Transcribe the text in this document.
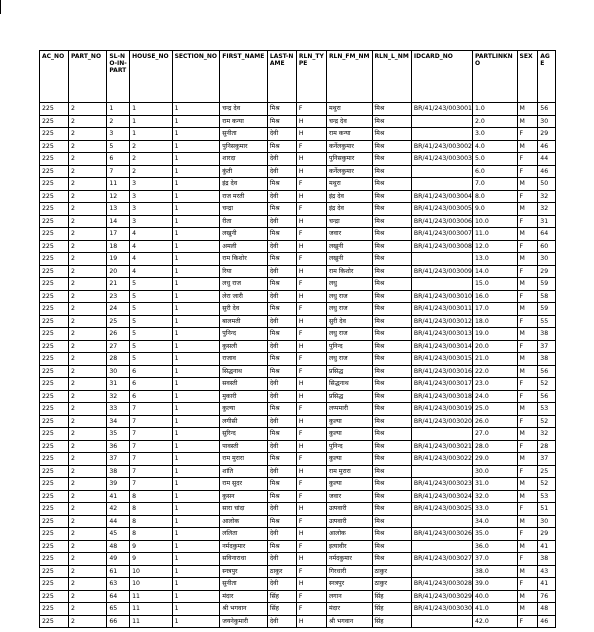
AC_NO	PART_NO	SL-NO-IN-PART	HOUSE_NO	SECTION_NO	FIRST_NAME	LAST-NAME	RLN_TYPE	RLN_FM_NM	RLN_L_NM	IDCARD_NO	PARTLINKNO	SEX	AGE
225	2	1	1	1	चन्द्र देव	मिश्र	F	मथुरा	मिश्र	BR/41/243/003001	1.0	M	56
225	2	2	1	1	राम कन्या	मिश्र	H	चन्द्र देव	मिश्र		2.0	M	30
225	2	3	1	1	सुनीता	देवी	H	राम कन्या	मिश्र		3.0	F	29
225	2	5	2	1	पुनिसकुमार	मिश्र	F	कर्नेलकुमार	मिश्र	BR/41/243/003002	4.0	M	46
225	2	6	2	1	शारदा	देवी	H	पुनिसकुमार	मिश्र	BR/41/243/003003	5.0	F	44
225	2	7	2	1	कुंती	देवी	H	कर्नेलकुमार	मिश्र		6.0	F	46
225	2	11	3	1	इंद्र देव	मिश्र	F	मथुरा	मिश्र		7.0	M	50
225	2	12	3	1	राज मरती	देवी	H	इंद्र देव	मिश्र	BR/41/243/003004	8.0	F	32
225	2	13	3	1	चन्द्रा	मिश्र	F	इंद्र देव	मिश्र	BR/41/243/003005	9.0	M	32
225	2	14	3	1	रीता	देवी	H	चन्द्रा	मिश्र	BR/41/243/003006	10.0	F	31
225	2	17	4	1	लखुनी	मिश्र	F	जवार	मिश्र	BR/41/243/003007	11.0	M	64
225	2	18	4	1	अमली	देवी	H	लखुनी	मिश्र	BR/41/243/003008	12.0	F	60
225	2	19	4	1	राम किशोर	मिश्र	F	लखुनी	मिश्र		13.0	M	30
225	2	20	4	1	रिया	देवी	H	राम किशोर	मिश्र	BR/41/243/003009	14.0	F	29
225	2	21	5	1	लधु राज	मिश्र	F	लधु	मिश्र		15.0	M	59
225	2	23	5	1	लेरा जारी	देवी	H	लधु राज	मिश्र	BR/41/243/003010	16.0	F	58
225	2	24	5	1	सुरी देव	मिश्र	F	लधु राज	मिश्र	BR/41/243/003011	17.0	M	59
225	2	25	5	1	बालमती	देवी	H	सुरी देव	मिश्र	BR/41/243/003012	18.0	F	55
225	2	26	5	1	पुनिन्द	मिश्र	F	लधु राज	मिश्र	BR/41/243/003013	19.0	M	38
225	2	27	5	1	कुसली	देवी	H	पुनिन्द	मिश्र	BR/41/243/003014	20.0	F	37
225	2	28	5	1	राजाव	मिश्र	F	लधु राज	मिश्र	BR/41/243/003015	21.0	M	38
225	2	30	6	1	सिद्धनाथ	मिश्र	F	प्रसिद्ध	मिश्र	BR/41/243/003016	22.0	M	56
225	2	31	6	1	सवस्ती	देवी	H	सिद्धनाथ	मिश्र	BR/41/243/003017	23.0	F	52
225	2	32	6	1	मुकारी	देवी	H	प्रसिद्ध	मिश्र	BR/41/243/003018	24.0	F	56
225	2	33	7	1	कुल्या	मिश्र	F	लप्पमारी	मिश्र	BR/41/243/003019	25.0	M	53
225	2	34	7	1	लगीसी	देवी	H	कुल्या	मिश्र	BR/41/243/003020	26.0	F	52
225	2	35	7	1	सुरिन्द	मिश्र	F	कुल्या	मिश्र		27.0	M	32
225	2	36	7	1	पावस्ती	देवी	H	पुनिन्द	मिश्र	BR/41/243/003021	28.0	F	28
225	2	37	7	1	राम मुरारा	मिश्र	F	कुल्या	मिश्र	BR/41/243/003022	29.0	M	37
225	2	38	7	1	शांति	देवी	H	राम मुरारा	मिश्र		30.0	F	25
225	2	39	7	1	राम सुदर	मिश्र	F	कुल्या	मिश्र	BR/41/243/003023	31.0	M	52
225	2	41	8	1	कुसन	मिश्र	F	जवार	मिश्र	BR/41/243/003024	32.0	M	53
225	2	42	8	1	सारा चांदा	देवी	H	उत्पवारी	मिश्र	BR/41/243/003025	33.0	F	51
225	2	44	8	1	आलोक	मिश्र	F	उत्पवारी	मिश्र		34.0	M	30
225	2	45	8	1	ललिता	देवी	H	आलोक	मिश्र	BR/41/243/003026	35.0	F	29
225	2	48	9	1	नर्मदकुमार	मिश्र	F	इत्यावीर	मिश्र		36.0	M	41
225	2	49	9	1	सविनाराधा	देवी	H	नर्मदकुमार	मिश्र	BR/41/243/003027	37.0	F	38
225	2	61	10	1	स्नत्रपुर	ठाकुर	F	गिरधारी	ठाकुर		38.0	M	43
225	2	63	10	1	सुनीता	देवी	H	स्नत्रपुर	ठाकुर	BR/41/243/003028	39.0	F	41
225	2	64	11	1	मंदार	सिंह	F	लगान	सिंह	BR/41/243/003029	40.0	M	76
225	2	65	11	1	श्री भगवान	सिंह	F	मंदार	सिंह	BR/41/243/003030	41.0	M	48
225	2	66	11	1	जयनेकुमारी	देवी	H	श्री भगवान	सिंह		42.0	F	46
